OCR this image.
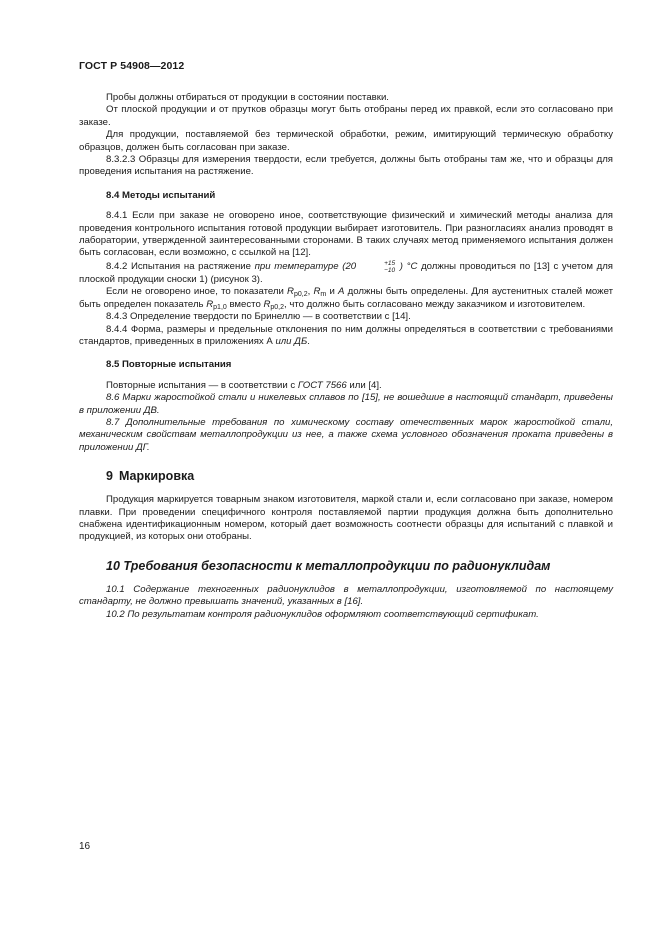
ГОСТ Р 54908—2012

Пробы должны отбираться от продукции в состоянии поставки.

От плоской продукции и от прутков образцы могут быть отобраны перед их правкой, если это согласовано при заказе.

Для продукции, поставляемой без термической обработки, режим, имитирующий термическую обработку образцов, должен быть согласован при заказе.

8.3.2.3 Образцы для измерения твердости, если требуется, должны быть отобраны там же, что и образцы для проведения испытания на растяжение.

8.4 Методы испытаний

8.4.1 Если при заказе не оговорено иное, соответствующие физический и химический методы анализа для проведения контрольного испытания готовой продукции выбирает изготовитель. При разногласиях анализ проводят в лаборатории, утвержденной заинтересованными сторонами. В таких случаях метод применяемого испытания должен быть согласован, если возможно, с ссылкой на [12].

8.4.2 Испытания на растяжение при температуре (20	+15
−10 ) °C должны проводиться по [13] с учетом для плоской продукции сноски 1) (рисунок 3).

Если не оговорено иное, то показатели $R_{p0,2}$, $R_m$ и A должны быть определены. Для аустенитных сталей может быть определен показатель $R_{p1,0}$ вместо $R_{p0,2}$, что должно быть согласовано между заказчиком и изготовителем.

8.4.3 Определение твердости по Бринеллю — в соответствии с [14].

8.4.4 Форма, размеры и предельные отклонения по ним должны определяться в соответствии с требованиями стандартов, приведенных в приложениях А или ДБ.

8.5 Повторные испытания

Повторные испытания — в соответствии с ГОСТ 7566 или [4].

8.6 Марки жаростойкой стали и никелевых сплавов по [15], не вошедшие в настоящий стандарт, приведены в приложении ДВ.

8.7 Дополнительные требования по химическому составу отечественных марок жаростойкой стали, механическим свойствам металлопродукции из нее, а также схема условного обозначения проката приведены в приложении ДГ.

9 Маркировка

Продукция маркируется товарным знаком изготовителя, маркой стали и, если согласовано при заказе, номером плавки. При проведении специфичного контроля поставляемой партии продукция должна быть дополнительно снабжена идентификационным номером, который дает возможность соотнести образцы для испытаний с плавкой и продукцией, из которых они отобраны.

10 Требования безопасности к металлопродукции по радионуклидам

10.1 Содержание техногенных радионуклидов в металлопродукции, изготовляемой по настоящему стандарту, не должно превышать значений, указанных в [16].

10.2 По результатам контроля радионуклидов оформляют соответствующий сертификат.

16
